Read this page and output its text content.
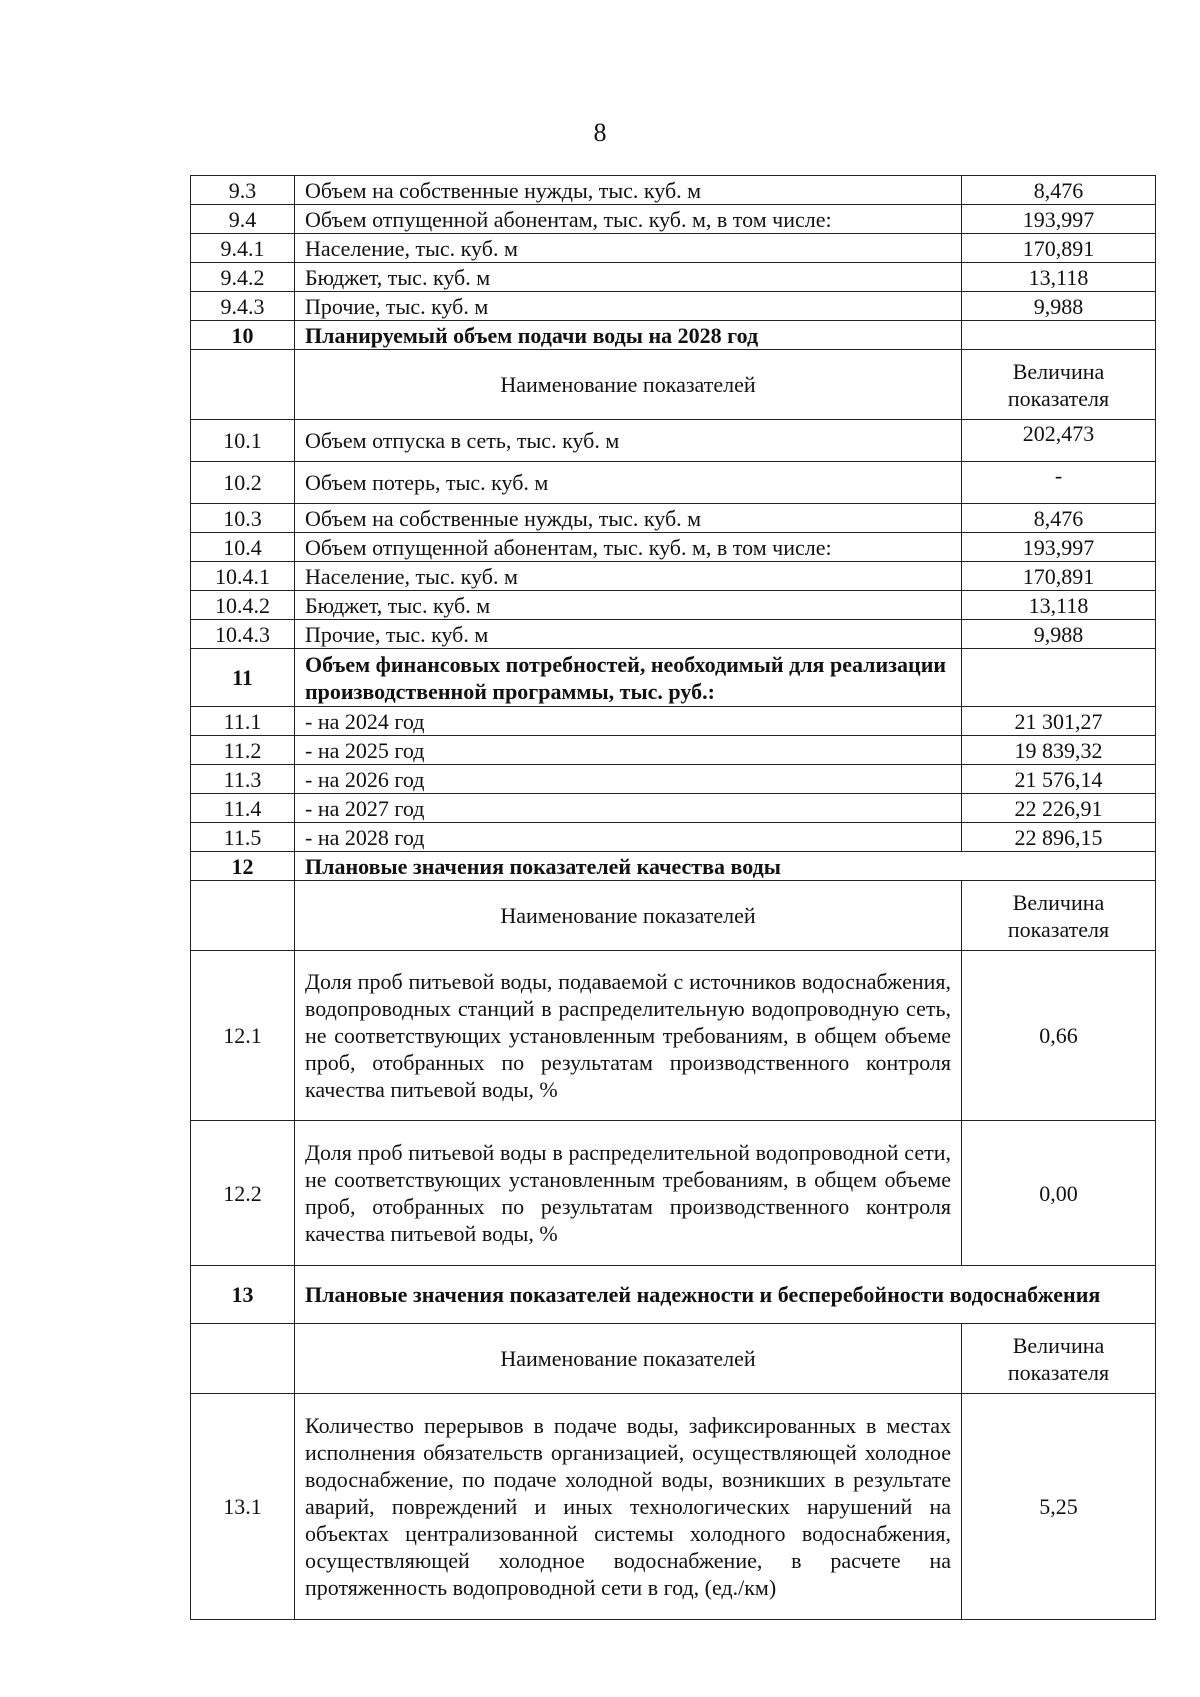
8
9.3	Объем на собственные нужды, тыс. куб. м	8,476
9.4	Объем отпущенной абонентам, тыс. куб. м, в том числе:	193,997
9.4.1	Население, тыс. куб. м	170,891
9.4.2	Бюджет, тыс. куб. м	13,118
9.4.3	Прочие, тыс. куб. м	9,988
10	Планируемый объем подачи воды на 2028 год	
	Наименование показателей	Величина показателя
10.1	Объем отпуска в сеть, тыс. куб. м	202,473
10.2	Объем потерь, тыс. куб. м	-
10.3	Объем на собственные нужды, тыс. куб. м	8,476
10.4	Объем отпущенной абонентам, тыс. куб. м, в том числе:	193,997
10.4.1	Население, тыс. куб. м	170,891
10.4.2	Бюджет, тыс. куб. м	13,118
10.4.3	Прочие, тыс. куб. м	9,988
11	Объем финансовых потребностей, необходимый для реализации производственной программы, тыс. руб.:	
11.1	- на 2024 год	21 301,27
11.2	- на 2025 год	19 839,32
11.3	- на 2026 год	21 576,14
11.4	- на 2027 год	22 226,91
11.5	- на 2028 год	22 896,15
12	Плановые значения показателей качества воды	
	Наименование показателей	Величина показателя
12.1	Доля проб питьевой воды, подаваемой с источников водоснабжения, водопроводных станций в распределительную водопроводную сеть, не соответствующих установленным требованиям, в общем объеме проб, отобранных по результатам производственного контроля качества питьевой воды, %	0,66
12.2	Доля проб питьевой воды в распределительной водопроводной сети, не соответствующих установленным требованиям, в общем объеме проб, отобранных по результатам производственного контроля качества питьевой воды, %	0,00
13	Плановые значения показателей надежности и бесперебойности водоснабжения	
	Наименование показателей	Величина показателя
13.1	Количество перерывов в подаче воды, зафиксированных в местах исполнения обязательств организацией, осуществляющей холодное водоснабжение, по подаче холодной воды, возникших в результате аварий, повреждений и иных технологических нарушений на объектах централизованной системы холодного водоснабжения, осуществляющей холодное водоснабжение, в расчете на протяженность водопроводной сети в год, (ед./км)	5,25
